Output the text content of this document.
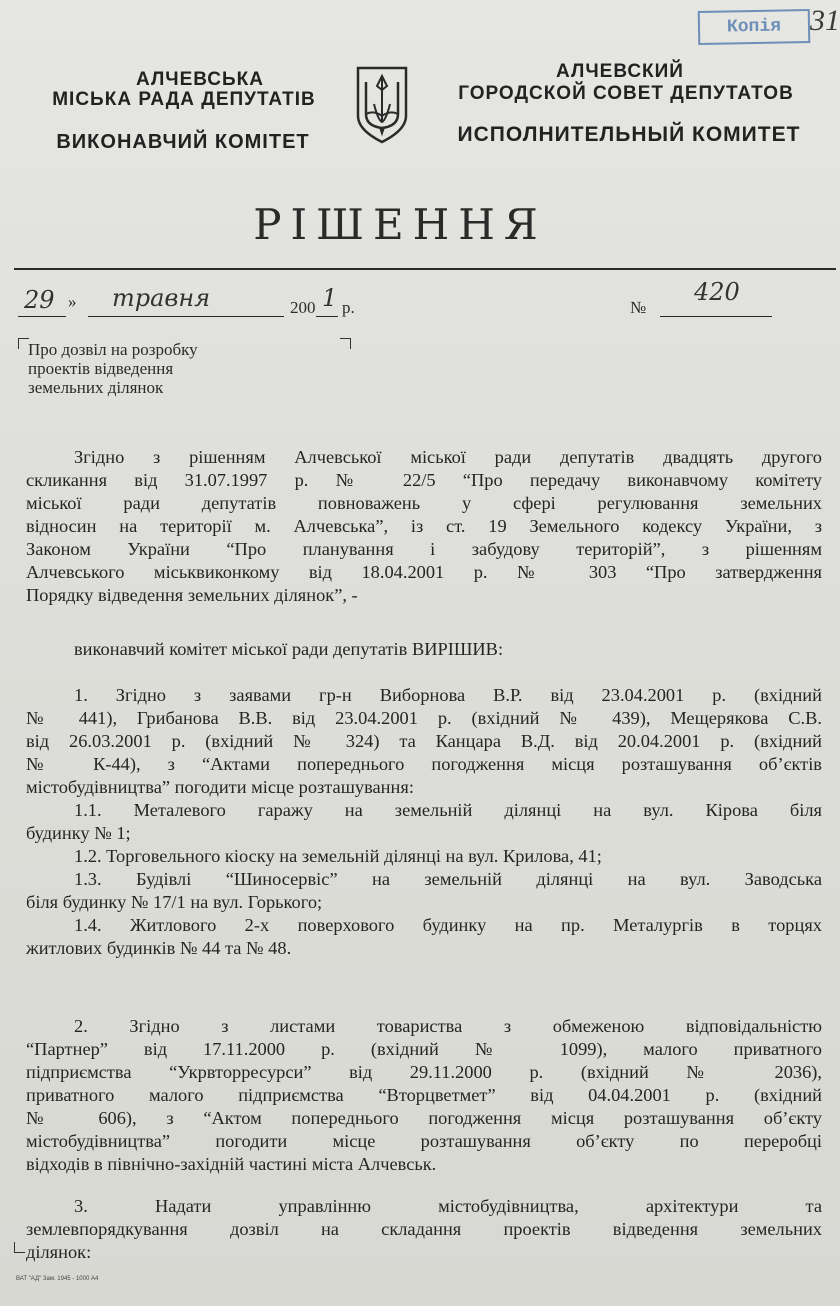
Копія 31
АЛЧЕВСЬКА
МІСЬКА РАДА ДЕПУТАТІВ
ВИКОНАВЧИЙ КОМІТЕТ
АЛЧЕВСКИЙ
ГОРОДСКОЙ СОВЕТ ДЕПУТАТОВ
ИСПОЛНИТЕЛЬНЫЙ КОМИТЕТ
РІШЕННЯ
29 » травня	200 1 р.	№
420
Про дозвіл на розробку
проектів відведення
земельних ділянок
Згідно з рішенням Алчевської міської ради депутатів двадцять другого
скликання від 31.07.1997 р. № 22/5 “Про передачу виконавчому комітету
міської ради депутатів повноважень у сфері регулювання земельних
відносин на території м. Алчевська”, із ст. 19 Земельного кодексу України, з
Законом України “Про планування і забудову територій”, з рішенням
Алчевського міськвиконкому від 18.04.2001 р. № 303 “Про затвердження
Порядку відведення земельних ділянок”, -
виконавчий комітет міської ради депутатів ВИРІШИВ:
1. Згідно з заявами гр-н Виборнова В.Р. від 23.04.2001 р. (вхідний
№ 441), Грибанова В.В. від 23.04.2001 р. (вхідний № 439), Мещерякова С.В.
від 26.03.2001 р. (вхідний № 324) та Канцара В.Д. від 20.04.2001 р. (вхідний
№ К-44), з “Актами попереднього погодження місця розташування об’єктів
містобудівництва” погодити місце розташування:
1.1. Металевого гаражу на земельній ділянці на вул. Кірова біля
будинку № 1;
1.2. Торговельного кіоску на земельній ділянці на вул. Крилова, 41;
1.3. Будівлі “Шиносервіс” на земельній ділянці на вул. Заводська
біля будинку № 17/1 на вул. Горького;
1.4. Житлового 2-х поверхового будинку на пр. Металургів в торцях
житлових будинків № 44 та № 48.
2. Згідно з листами товариства з обмеженою відповідальністю
“Партнер” від 17.11.2000 р. (вхідний № 1099), малого приватного
підприємства “Укрвторресурси” від 29.11.2000 р. (вхідний № 2036),
приватного малого підприємства “Вторцветмет” від 04.04.2001 р. (вхідний
№ 606), з “Актом попереднього погодження місця розташування об’єкту
містобудівництва” погодити місце розташування об’єкту по переробці
відходів в північно-західній частині міста Алчевськ.
3. Надати управлінню містобудівництва, архітектури та
землевпорядкування дозвіл на складання проектів відведення земельних
ділянок:
ВАТ "АД" Зам. 1945 - 1000 А4
